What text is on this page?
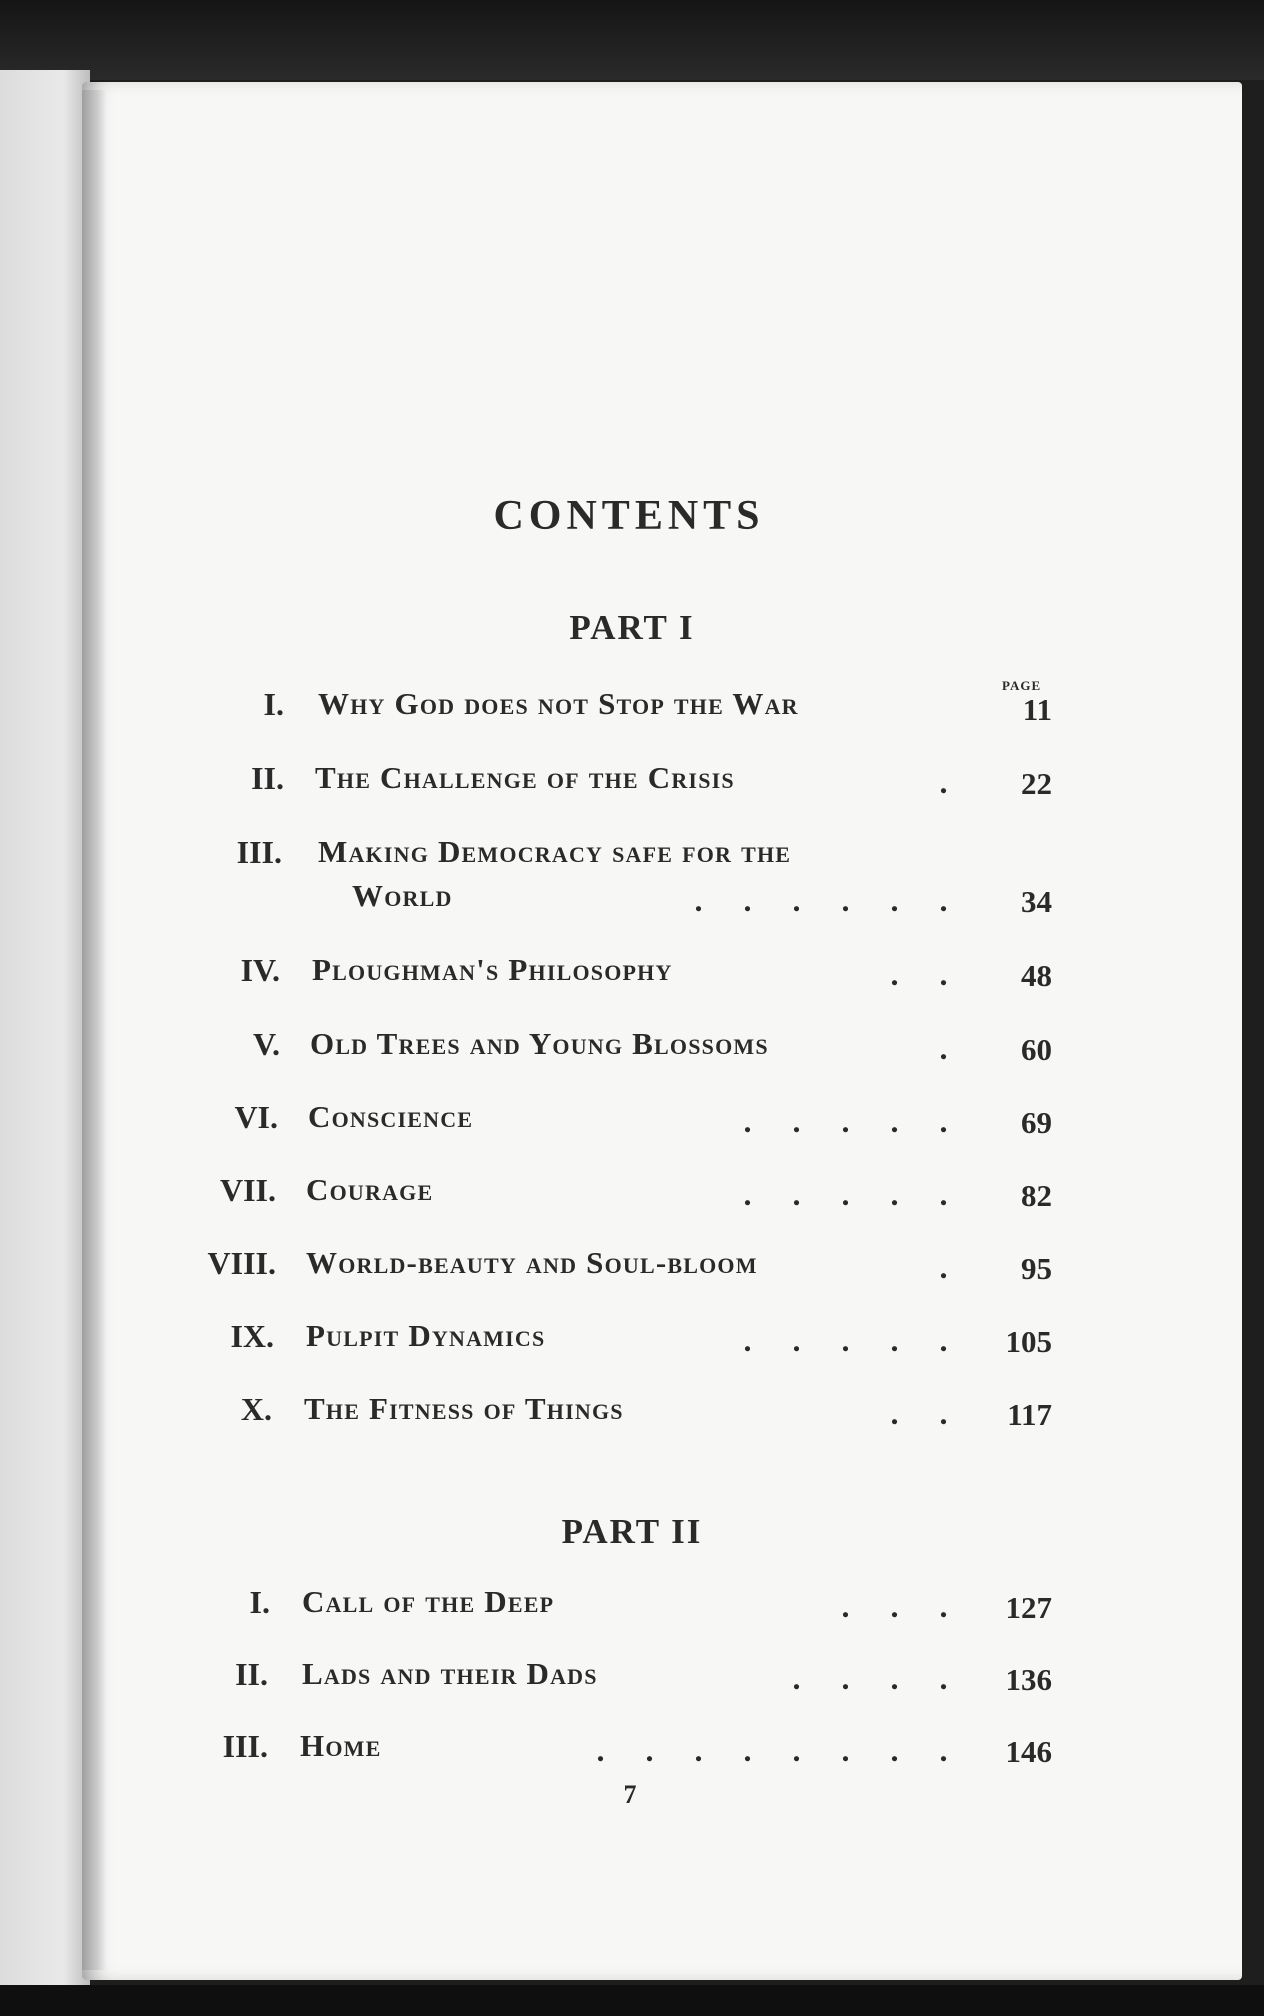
CONTENTS
PART I
PAGE
I. Why God does not Stop the War	11
II. The Challenge of the Crisis	.	22
III. Making Democracy safe for the
World	. . . . . .	34
IV. Ploughman's Philosophy	. .	48
V. Old Trees and Young Blossoms	.	60
VI. Conscience	. . . . .	69
VII. Courage	. . . . .	82
VIII. World-beauty and Soul-bloom	.	95
IX. Pulpit Dynamics	. . . . .	105
X. The Fitness of Things	. .	117
PART II
I. Call of the Deep	. . .	127
II. Lads and their Dads	. . . .	136
III. Home	. . . . . . . .	146
7
